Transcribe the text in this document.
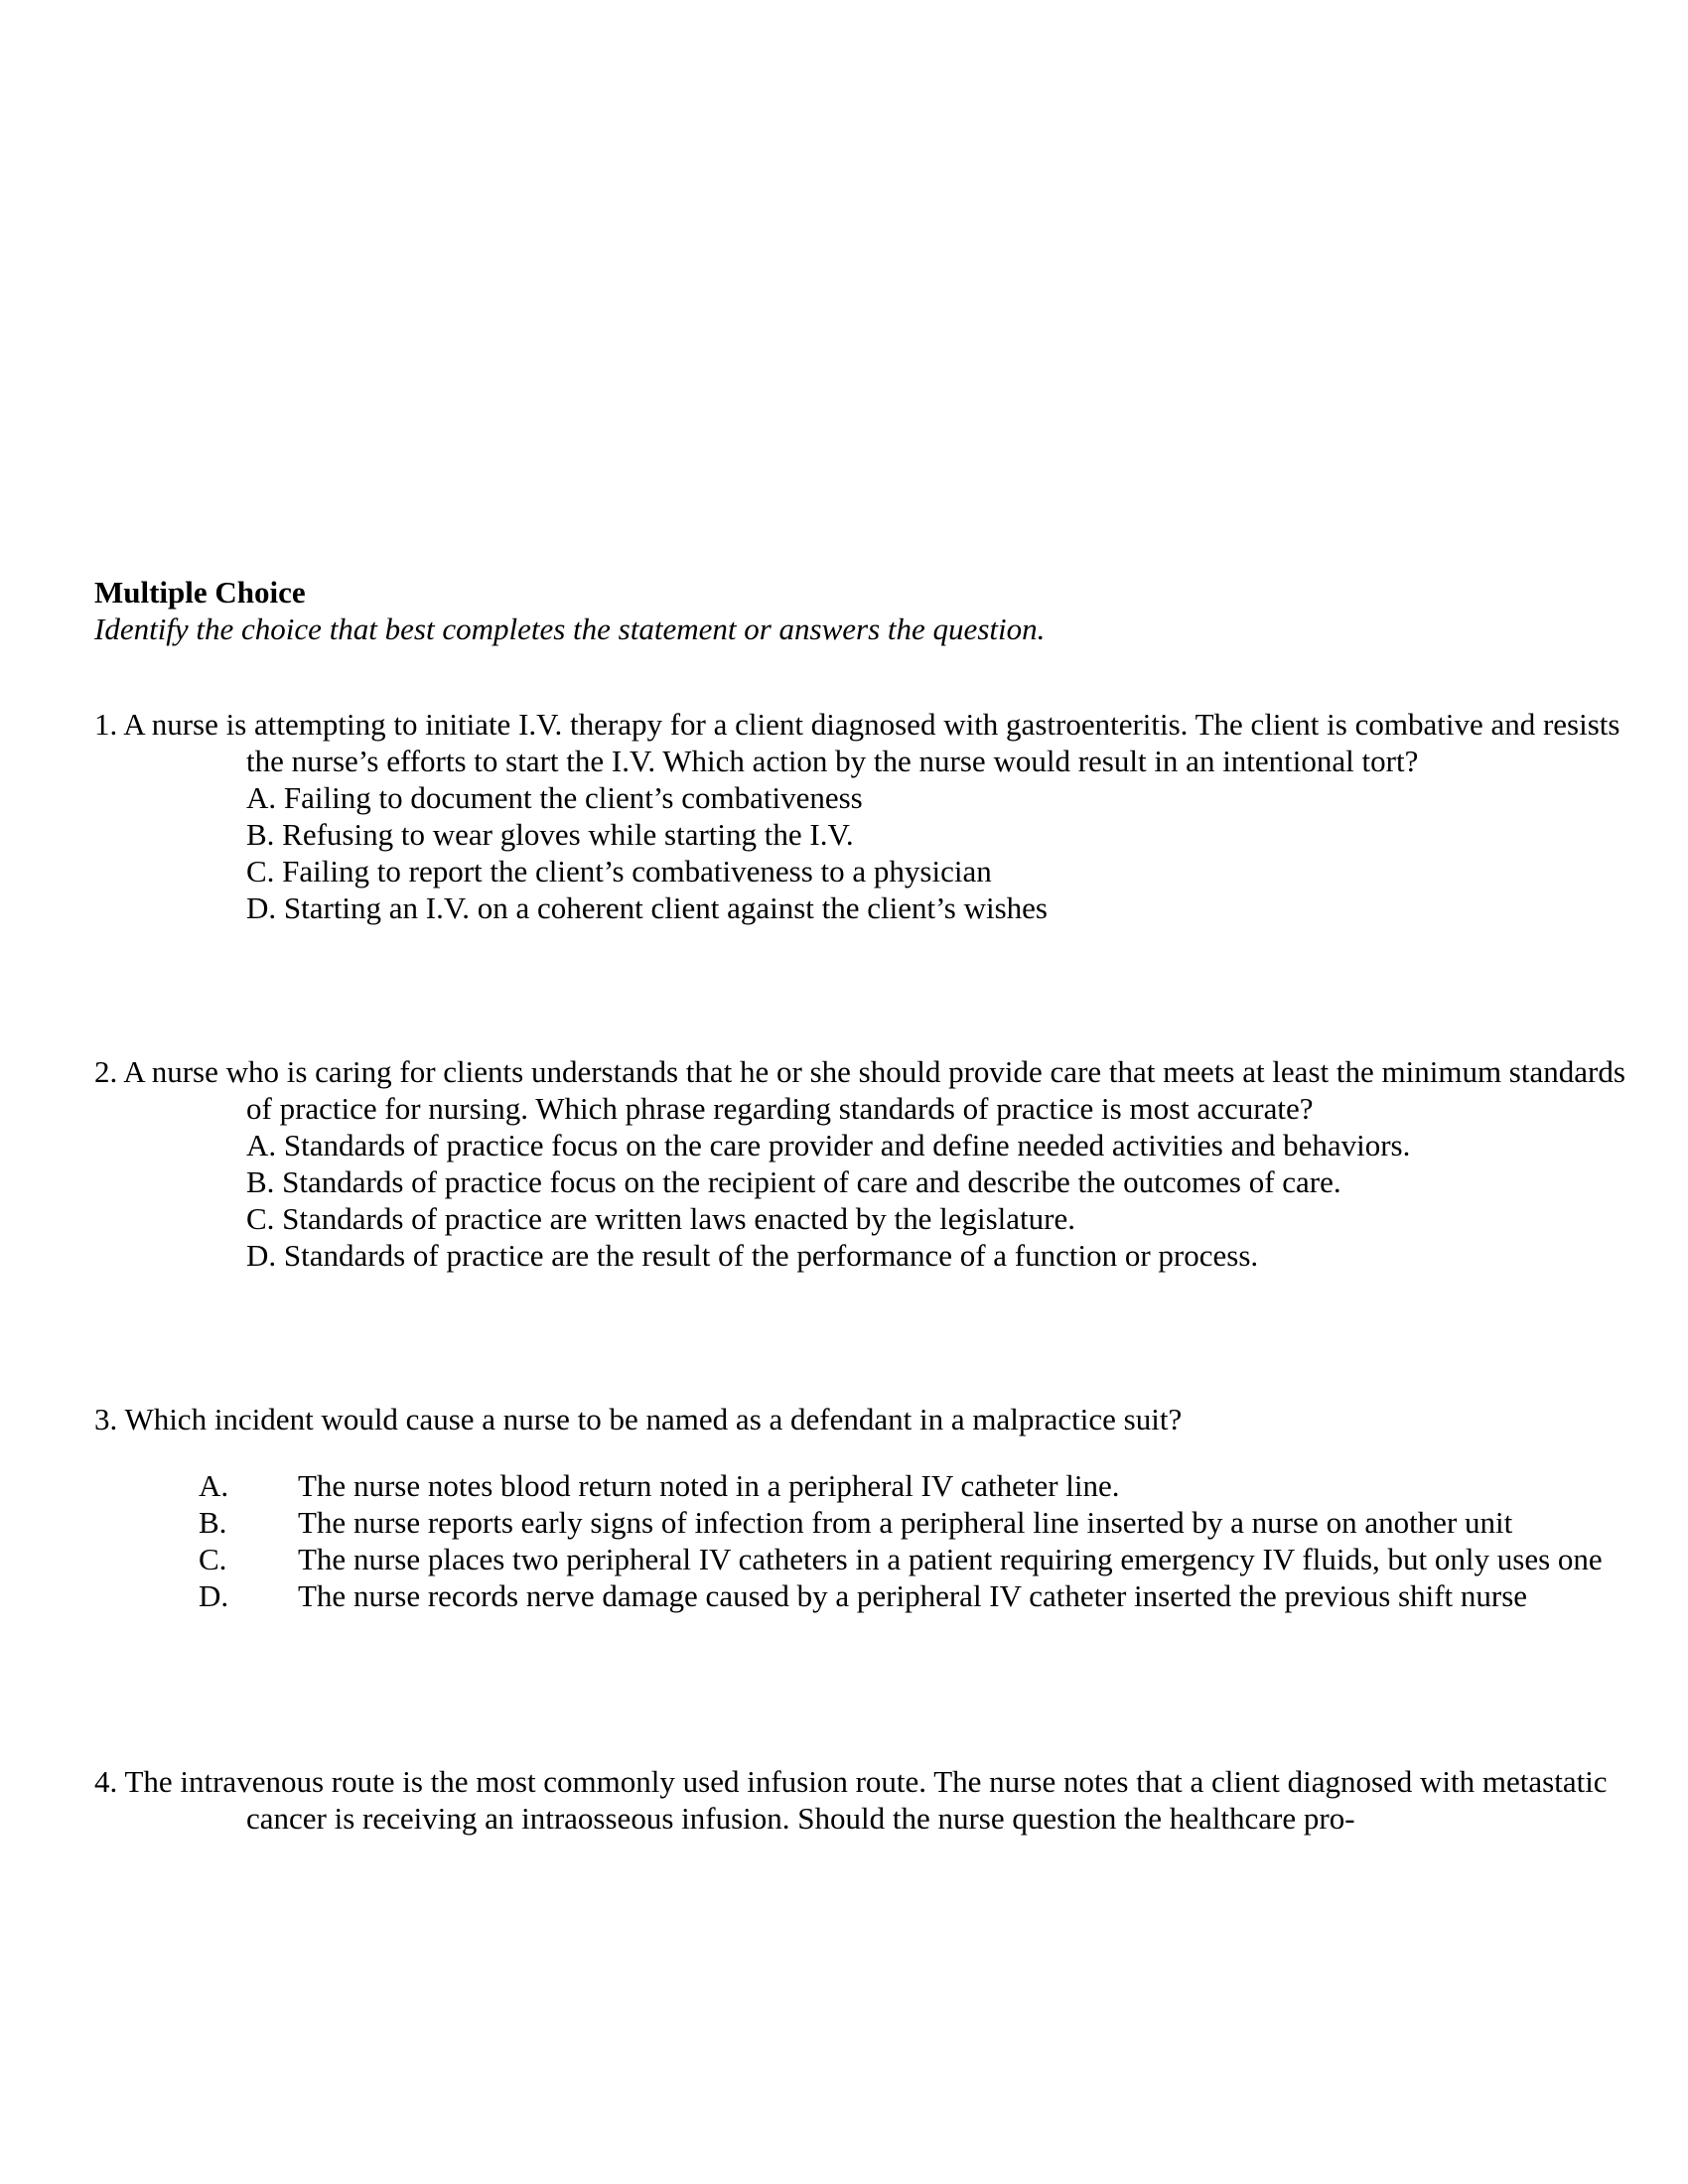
Multiple Choice

Identify the choice that best completes the statement or answers the question.

1. A nurse is attempting to initiate I.V. therapy for a client diagnosed with gastroenteritis. The client is combative and resists the nurse’s efforts to start the I.V. Which action by the nurse would result in an intentional tort?

A. Failing to document the client’s combativeness

B. Refusing to wear gloves while starting the I.V.

C. Failing to report the client’s combativeness to a physician

D. Starting an I.V. on a coherent client against the client’s wishes

2. A nurse who is caring for clients understands that he or she should provide care that meets at least the minimum standards of practice for nursing. Which phrase regarding standards of practice is most accurate?

A. Standards of practice focus on the care provider and define needed activities and behaviors.

B. Standards of practice focus on the recipient of care and describe the outcomes of care.

C. Standards of practice are written laws enacted by the legislature.

D. Standards of practice are the result of the performance of a function or process.

3. Which incident would cause a nurse to be named as a defendant in a malpractice suit?

A. The nurse notes blood return noted in a peripheral IV catheter line.
B. The nurse reports early signs of infection from a peripheral line inserted by a nurse on another unit
C. The nurse places two peripheral IV catheters in a patient requiring emergency IV fluids, but only uses one
D. The nurse records nerve damage caused by a peripheral IV catheter inserted the previous shift nurse

4. The intravenous route is the most commonly used infusion route. The nurse notes that a client diagnosed with metastatic cancer is receiving an intraosseous infusion. Should the nurse question the healthcare pro-
